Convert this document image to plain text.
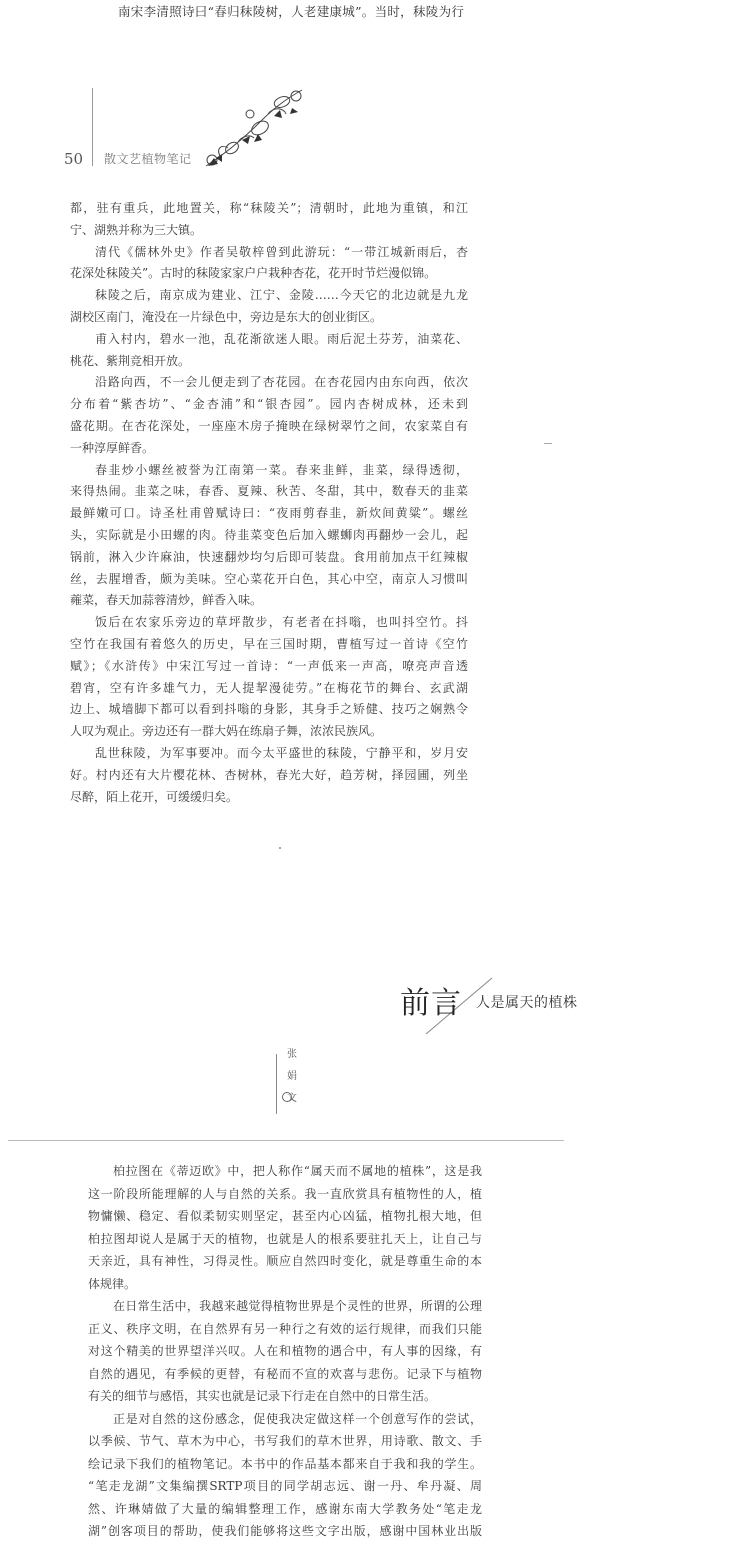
南宋李清照诗曰“春归秣陵树，人老建康城”。当时，秣陵为行
50 散文艺植物笔记
都，驻有重兵，此地置关，称“秣陵关”；清朝时，此地为重镇，和江
宁、湖熟并称为三大镇。
清代《儒林外史》作者吴敬梓曾到此游玩：“一带江城新雨后，杏
花深处秣陵关”。古时的秣陵家家户户栽种杏花，花开时节烂漫似锦。
秣陵之后，南京成为建业、江宁、金陵……今天它的北边就是九龙
湖校区南门，淹没在一片绿色中，旁边是东大的创业街区。
甫入村内，碧水一池，乱花渐欲迷人眼。雨后泥土芬芳，油菜花、
桃花、紫荆竞相开放。
沿路向西，不一会儿便走到了杏花园。在杏花园内由东向西，依次
分布着“紫杏坊”、“金杏浦”和“银杏园”。园内杏树成林，还未到
盛花期。在杏花深处，一座座木房子掩映在绿树翠竹之间，农家菜自有
一种淳厚鲜香。
春韭炒小螺丝被誉为江南第一菜。春来韭鲜，韭菜，绿得透彻，
来得热闹。韭菜之味，春香、夏辣、秋苦、冬甜，其中，数春天的韭菜
最鲜嫩可口。诗圣杜甫曾赋诗曰：“夜雨剪春韭，新炊间黄粱”。螺丝
头，实际就是小田螺的肉。待韭菜变色后加入螺蛳肉再翻炒一会儿，起
锅前，淋入少许麻油，快速翻炒均匀后即可装盘。食用前加点干红辣椒
丝，去腥增香，颇为美味。空心菜花开白色，其心中空，南京人习惯叫
蕹菜，春天加蒜蓉清炒，鲜香入味。
饭后在农家乐旁边的草坪散步，有老者在抖嗡，也叫抖空竹。抖
空竹在我国有着悠久的历史，早在三国时期，曹植写过一首诗《空竹
赋》；《水浒传》中宋江写过一首诗：“一声低来一声高，嘹亮声音透
碧宵，空有许多雄气力，无人提挈漫徒劳。”在梅花节的舞台、玄武湖
边上、城墙脚下都可以看到抖嗡的身影，其身手之矫健、技巧之娴熟令
人叹为观止。旁边还有一群大妈在练扇子舞，浓浓民族风。
乱世秣陵，为军事要冲。而今太平盛世的秣陵，宁静平和，岁月安
好。村内还有大片樱花林、杏树林，春光大好，趋芳树，择园圃，列坐
尽醉，陌上花开，可缓缓归矣。
前言 人是属天的植株
张
娟
文
柏拉图在《蒂迈欧》中，把人称作“属天而不属地的植株”，这是我
这一阶段所能理解的人与自然的关系。我一直欣赏具有植物性的人，植
物慵懒、稳定、看似柔韧实则坚定，甚至内心凶猛，植物扎根大地，但
柏拉图却说人是属于天的植物，也就是人的根系要驻扎天上，让自己与
天亲近，具有神性，习得灵性。顺应自然四时变化，就是尊重生命的本
体规律。
在日常生活中，我越来越觉得植物世界是个灵性的世界，所谓的公理
正义、秩序文明，在自然界有另一种行之有效的运行规律，而我们只能
对这个精美的世界望洋兴叹。人在和植物的遇合中，有人事的因缘，有
自然的遇见，有季候的更替，有秘而不宣的欢喜与悲伤。记录下与植物
有关的细节与感悟，其实也就是记录下行走在自然中的日常生活。
正是对自然的这份感念，促使我决定做这样一个创意写作的尝试，
以季候、节气、草木为中心，书写我们的草木世界，用诗歌、散文、手
绘记录下我们的植物笔记。本书中的作品基本都来自于我和我的学生。
“笔走龙湖”文集编撰SRTP项目的同学胡志远、谢一丹、牟丹凝、周
然、许琳婧做了大量的编辑整理工作，感谢东南大学教务处“笔走龙
湖”创客项目的帮助，使我们能够将这些文字出版，感谢中国林业出版
